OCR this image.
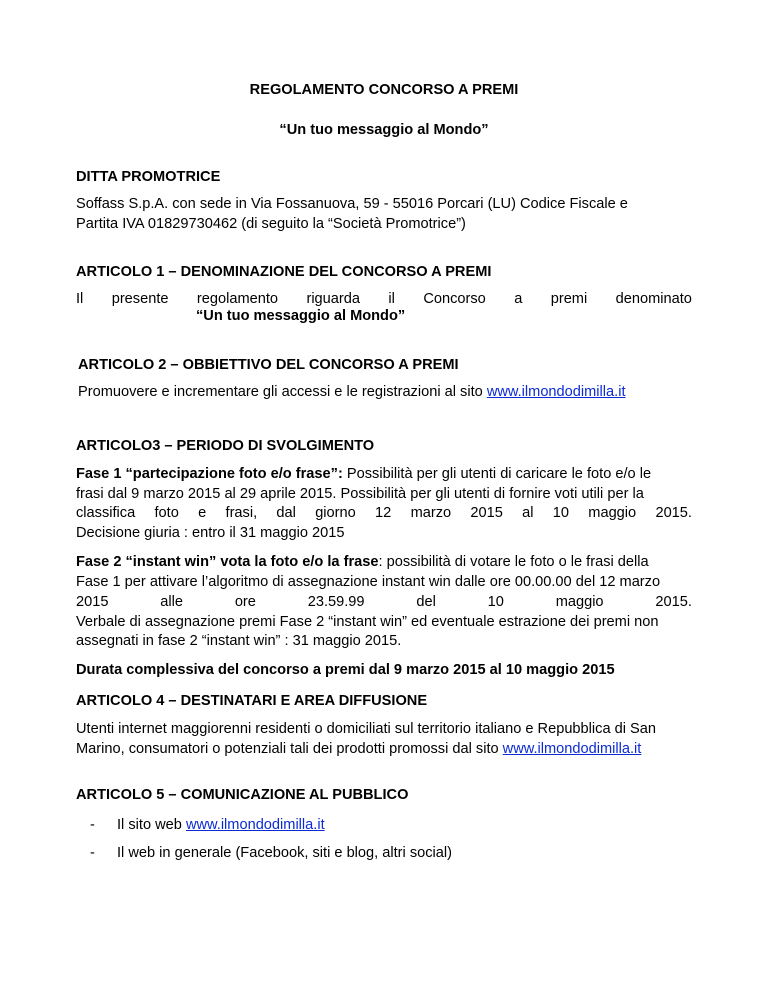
REGOLAMENTO CONCORSO A PREMI
“Un tuo messaggio al Mondo”
DITTA PROMOTRICE
Soffass S.p.A. con sede in Via Fossanuova, 59 - 55016 Porcari (LU) Codice Fiscale e
Partita IVA 01829730462 (di seguito la “Società Promotrice”)
ARTICOLO 1 – DENOMINAZIONE DEL CONCORSO A PREMI
Il presente regolamento riguarda il Concorso a premi denominato
“Un tuo messaggio al Mondo”
ARTICOLO 2 – OBBIETTIVO DEL CONCORSO A PREMI
Promuovere e incrementare gli accessi e le registrazioni al sito www.ilmondodimilla.it
ARTICOLO3 – PERIODO DI SVOLGIMENTO
Fase 1 “partecipazione foto e/o frase”: Possibilità per gli utenti di caricare le foto e/o le
frasi dal 9 marzo 2015 al 29 aprile 2015. Possibilità per gli utenti di fornire voti utili per la
classifica foto e frasi, dal giorno 12 marzo 2015 al 10 maggio 2015.
Decisione giuria : entro il 31 maggio 2015
Fase 2 “instant win” vota la foto e/o la frase: possibilità di votare le foto o le frasi della
Fase 1 per attivare l’algoritmo di assegnazione instant win dalle ore 00.00.00 del 12 marzo
2015	alle	ore	23.59.99	del	10	maggio	2015.
Verbale di assegnazione premi Fase 2 “instant win” ed eventuale estrazione dei premi non
assegnati in fase 2 “instant win” : 31 maggio 2015.
Durata complessiva del concorso a premi dal 9 marzo 2015 al 10 maggio 2015
ARTICOLO 4 – DESTINATARI E AREA DIFFUSIONE
Utenti internet maggiorenni residenti o domiciliati sul territorio italiano e Repubblica di San
Marino, consumatori o potenziali tali dei prodotti promossi dal sito www.ilmondodimilla.it
ARTICOLO 5 – COMUNICAZIONE AL PUBBLICO
- Il sito web www.ilmondodimilla.it
- Il web in generale (Facebook, siti e blog, altri social)
